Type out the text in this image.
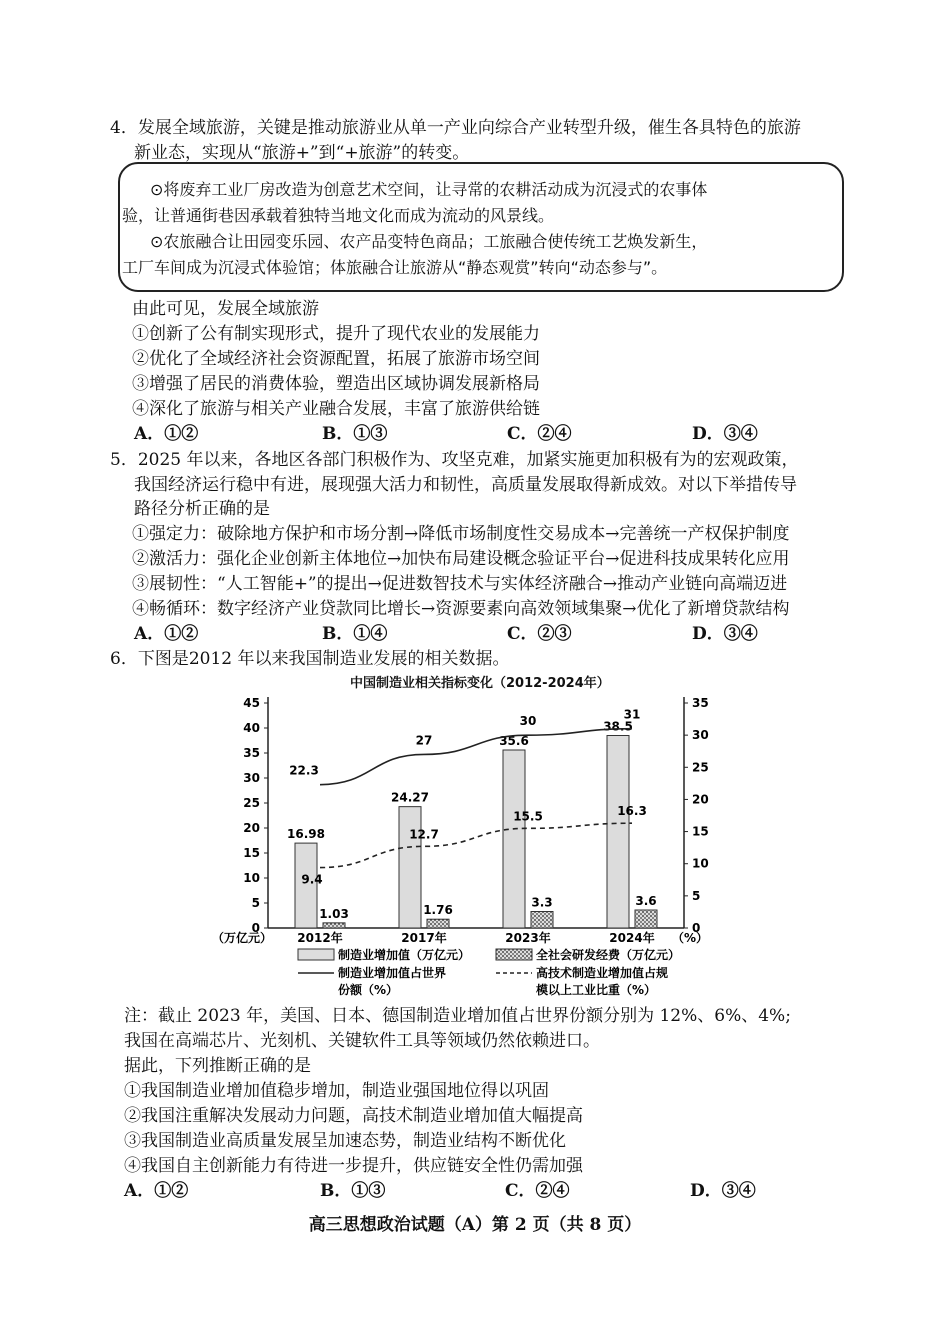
4．发展全域旅游，关键是推动旅游业从单一产业向综合产业转型升级，催生各具特色的旅游
新业态，实现从“旅游+”到“+旅游”的转变。
⊙将废弃工业厂房改造为创意艺术空间，让寻常的农耕活动成为沉浸式的农事体
验，让普通街巷因承载着独特当地文化而成为流动的风景线。
⊙农旅融合让田园变乐园、农产品变特色商品；工旅融合使传统工艺焕发新生，
工厂车间成为沉浸式体验馆；体旅融合让旅游从“静态观赏”转向“动态参与”。
由此可见，发展全域旅游
①创新了公有制实现形式，提升了现代农业的发展能力
②优化了全域经济社会资源配置，拓展了旅游市场空间
③增强了居民的消费体验，塑造出区域协调发展新格局
④深化了旅游与相关产业融合发展，丰富了旅游供给链
A．①②	B．①③	C．②④	D．③④
5．2025 年以来，各地区各部门积极作为、攻坚克难，加紧实施更加积极有为的宏观政策，
我国经济运行稳中有进，展现强大活力和韧性，高质量发展取得新成效。对以下举措传导
路径分析正确的是
①强定力：破除地方保护和市场分割→降低市场制度性交易成本→完善统一产权保护制度
②激活力：强化企业创新主体地位→加快布局建设概念验证平台→促进科技成果转化应用
③展韧性：“人工智能+”的提出→促进数智技术与实体经济融合→推动产业链向高端迈进
④畅循环：数字经济产业贷款同比增长→资源要素向高效领域集聚→优化了新增贷款结构
A．①②	B．①④	C．②③	D．③④
6．下图是2012 年以来我国制造业发展的相关数据。
中国制造业相关指标变化（2012-2024年）
0
5
10
15
20
25
30
35
40
45
0
5
10
15
20
25
30
35
2012年	2017年	2023年	2024年
16.98
24.27
35.6
38.5
1.03	1.76
3.3	3.6
22.3
27
30	31
9.4
12.7
15.5	16.3
（万亿元）	（%）
制造业增加值（万亿元）	全社会研发经费（万亿元）
制造业增加值占世界
份额（%）
高技术制造业增加值占规
模以上工业比重（%）
注：截止 2023 年，美国、日本、德国制造业增加值占世界份额分别为 12%、6%、4%;
我国在高端芯片、光刻机、关键软件工具等领域仍然依赖进口。
据此，下列推断正确的是
①我国制造业增加值稳步增加，制造业强国地位得以巩固
②我国注重解决发展动力问题，高技术制造业增加值大幅提高
③我国制造业高质量发展呈加速态势，制造业结构不断优化
④我国自主创新能力有待进一步提升，供应链安全性仍需加强
A．①②	B．①③	C．②④	D．③④
高三思想政治试题（A）第 2 页（共 8 页）
